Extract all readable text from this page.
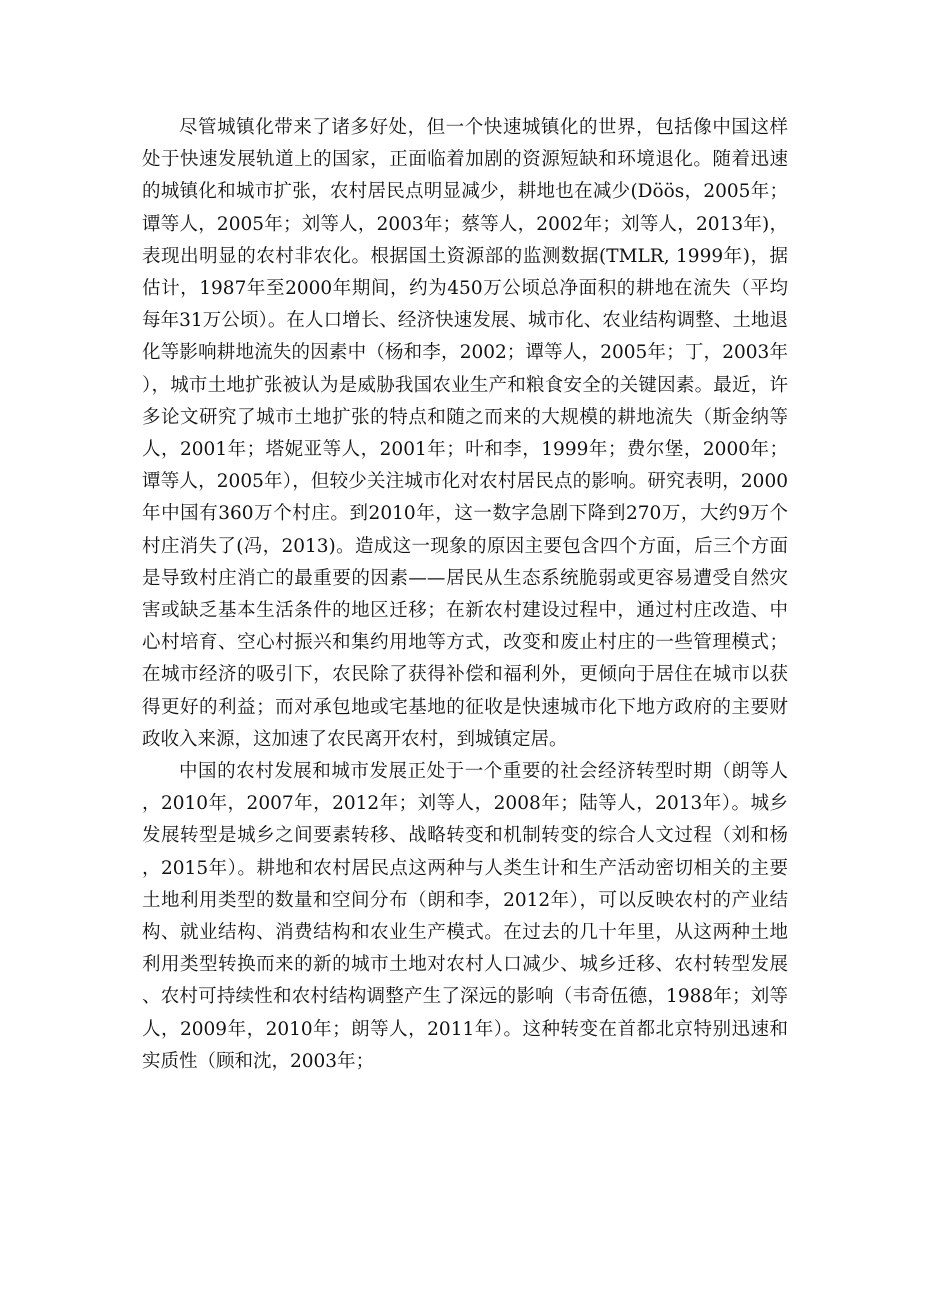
尽管城镇化带来了诸多好处，但一个快速城镇化的世界，包括像中国这样处于快速发展轨道上的国家，正面临着加剧的资源短缺和环境退化。随着迅速的城镇化和城市扩张，农村居民点明显减少，耕地也在减少(Döös，2005年；谭等人，2005年；刘等人，2003年；蔡等人，2002年；刘等人，2013年)，表现出明显的农村非农化。根据国土资源部的监测数据(TMLR, 1999年)，据估计，1987年至2000年期间，约为450万公顷总净面积的耕地在流失（平均每年31万公顷）。在人口增长、经济快速发展、城市化、农业结构调整、土地退化等影响耕地流失的因素中（杨和李，2002；谭等人，2005年；丁，2003年），城市土地扩张被认为是威胁我国农业生产和粮食安全的关键因素。最近，许多论文研究了城市土地扩张的特点和随之而来的大规模的耕地流失（斯金纳等人，2001年；塔妮亚等人，2001年；叶和李，1999年；费尔堡，2000年；谭等人，2005年），但较少关注城市化对农村居民点的影响。研究表明，2000年中国有360万个村庄。到2010年，这一数字急剧下降到270万，大约9万个村庄消失了(冯，2013)。造成这一现象的原因主要包含四个方面，后三个方面是导致村庄消亡的最重要的因素——居民从生态系统脆弱或更容易遭受自然灾害或缺乏基本生活条件的地区迁移；在新农村建设过程中，通过村庄改造、中心村培育、空心村振兴和集约用地等方式，改变和废止村庄的一些管理模式；在城市经济的吸引下，农民除了获得补偿和福利外，更倾向于居住在城市以获得更好的利益；而对承包地或宅基地的征收是快速城市化下地方政府的主要财政收入来源，这加速了农民离开农村，到城镇定居。

中国的农村发展和城市发展正处于一个重要的社会经济转型时期（朗等人，2010年，2007年，2012年；刘等人，2008年；陆等人，2013年）。城乡发展转型是城乡之间要素转移、战略转变和机制转变的综合人文过程（刘和杨，2015年）。耕地和农村居民点这两种与人类生计和生产活动密切相关的主要土地利用类型的数量和空间分布（朗和李，2012年），可以反映农村的产业结构、就业结构、消费结构和农业生产模式。在过去的几十年里，从这两种土地利用类型转换而来的新的城市土地对农村人口减少、城乡迁移、农村转型发展、农村可持续性和农村结构调整产生了深远的影响（韦奇伍德，1988年；刘等人，2009年，2010年；朗等人，2011年）。这种转变在首都北京特别迅速和实质性（顾和沈，2003年；
